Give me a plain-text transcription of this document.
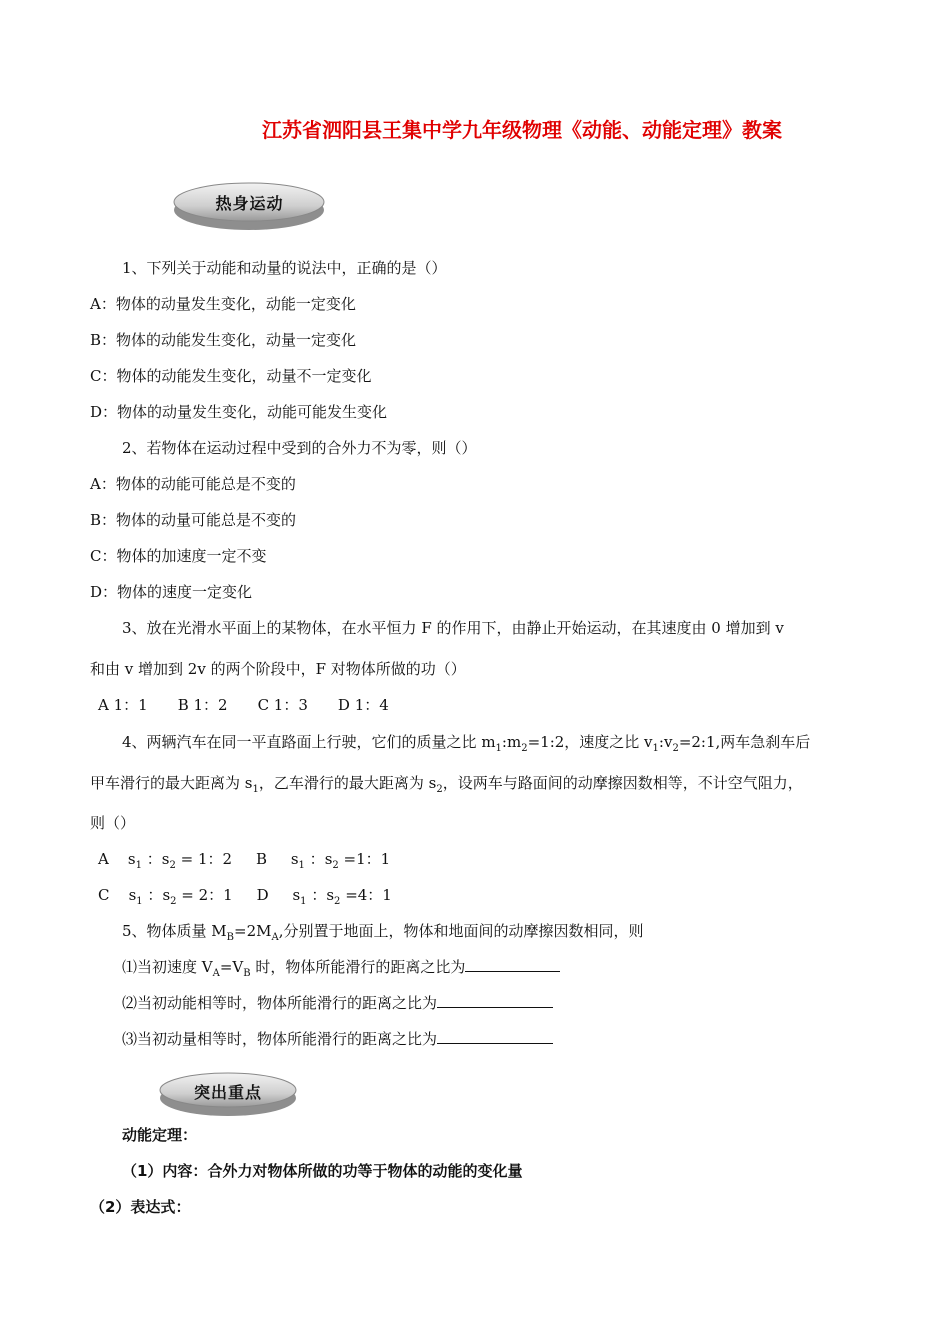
江苏省泗阳县王集中学九年级物理《动能、动能定理》教案
热身运动
1、下列关于动能和动量的说法中，正确的是（）
A：物体的动量发生变化，动能一定变化
B：物体的动能发生变化，动量一定变化
C：物体的动能发生变化，动量不一定变化
D：物体的动量发生变化，动能可能发生变化
2、若物体在运动过程中受到的合外力不为零，则（）
A：物体的动能可能总是不变的
B：物体的动量可能总是不变的
C：物体的加速度一定不变
D：物体的速度一定变化
3、放在光滑水平面上的某物体，在水平恒力 F 的作用下，由静止开始运动，在其速度由 0 增加到 v
和由 v 增加到 2v 的两个阶段中，F 对物体所做的功（）
A 1：1　　B 1：2　　C 1：3　　D 1：4
4、两辆汽车在同一平直路面上行驶，它们的质量之比 $m_1:m_2=1:2$，速度之比 $v_1:v_2=2:1$,两车急刹车后
甲车滑行的最大距离为 $s_1$，乙车滑行的最大距离为 $s_2$，设两车与路面间的动摩擦因数相等，不计空气阻力，
则（）
A $s_1$ ：$s_2 = 1$：2 B $s_1$ ：$s_2 =1$：1
C $s_1$ ：$s_2 = 2$：1 D $s_1$ ：$s_2 =4$：1
5、物体质量 $M_B=2M_A$,分别置于地面上，物体和地面间的动摩擦因数相同，则
⑴当初速度 $V_A=V_B$ 时，物体所能滑行的距离之比为
⑵当初动能相等时，物体所能滑行的距离之比为
⑶当初动量相等时，物体所能滑行的距离之比为
突出重点
动能定理：
（1）内容：合外力对物体所做的功等于物体的动能的变化量
（2）表达式：
